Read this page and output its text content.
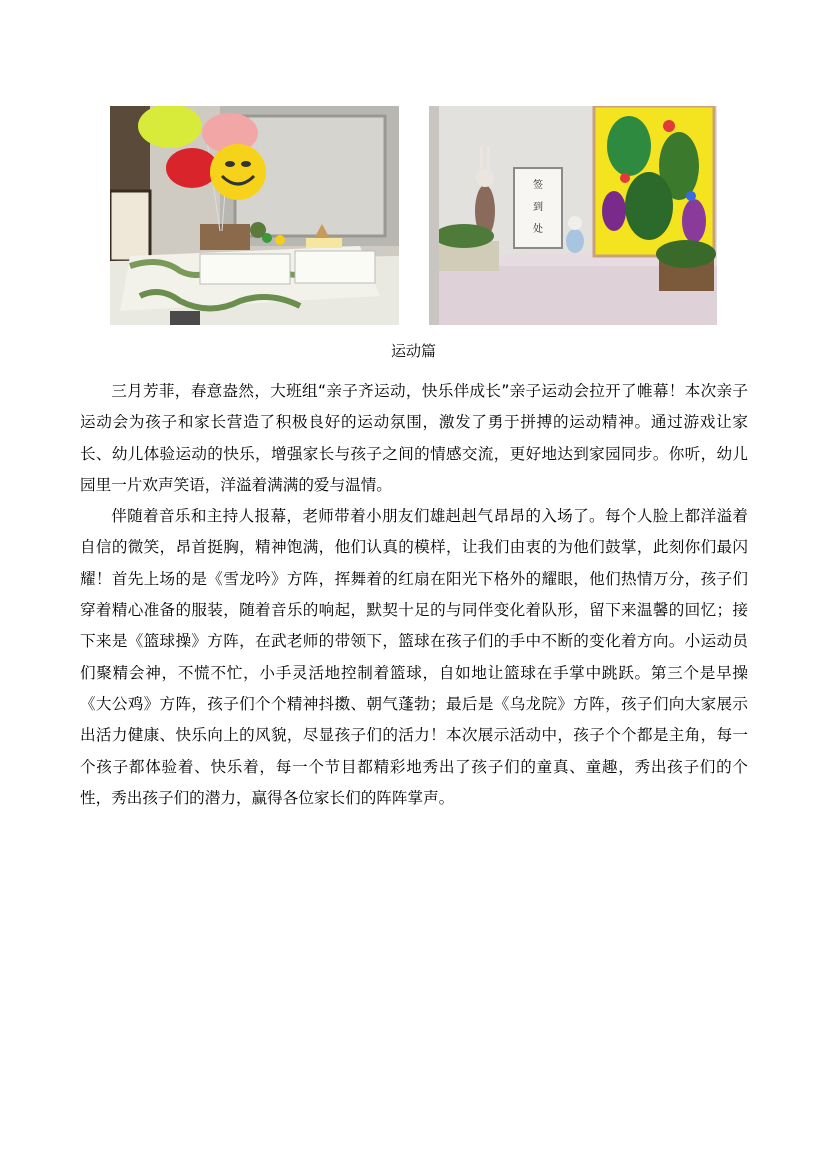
签
到
处
运动篇

三月芳菲，春意盎然，大班组“亲子齐运动，快乐伴成长”亲子运动会拉开了帷幕！本次亲子运动会为孩子和家长营造了积极良好的运动氛围，激发了勇于拼搏的运动精神。通过游戏让家长、幼儿体验运动的快乐，增强家长与孩子之间的情感交流，更好地达到家园同步。你听，幼儿园里一片欢声笑语，洋溢着满满的爱与温情。

伴随着音乐和主持人报幕，老师带着小朋友们雄赳赳气昂昂的入场了。每个人脸上都洋溢着自信的微笑，昂首挺胸，精神饱满，他们认真的模样，让我们由衷的为他们鼓掌，此刻你们最闪耀！首先上场的是《雪龙吟》方阵，挥舞着的红扇在阳光下格外的耀眼，他们热情万分，孩子们穿着精心准备的服装，随着音乐的响起，默契十足的与同伴变化着队形，留下来温馨的回忆；接下来是《篮球操》方阵，在武老师的带领下，篮球在孩子们的手中不断的变化着方向。小运动员们聚精会神，不慌不忙，小手灵活地控制着篮球，自如地让篮球在手掌中跳跃。第三个是早操《大公鸡》方阵，孩子们个个精神抖擞、朝气蓬勃；最后是《乌龙院》方阵，孩子们向大家展示出活力健康、快乐向上的风貌，尽显孩子们的活力！本次展示活动中，孩子个个都是主角，每一个孩子都体验着、快乐着，每一个节目都精彩地秀出了孩子们的童真、童趣，秀出孩子们的个性，秀出孩子们的潜力，赢得各位家长们的阵阵掌声。
